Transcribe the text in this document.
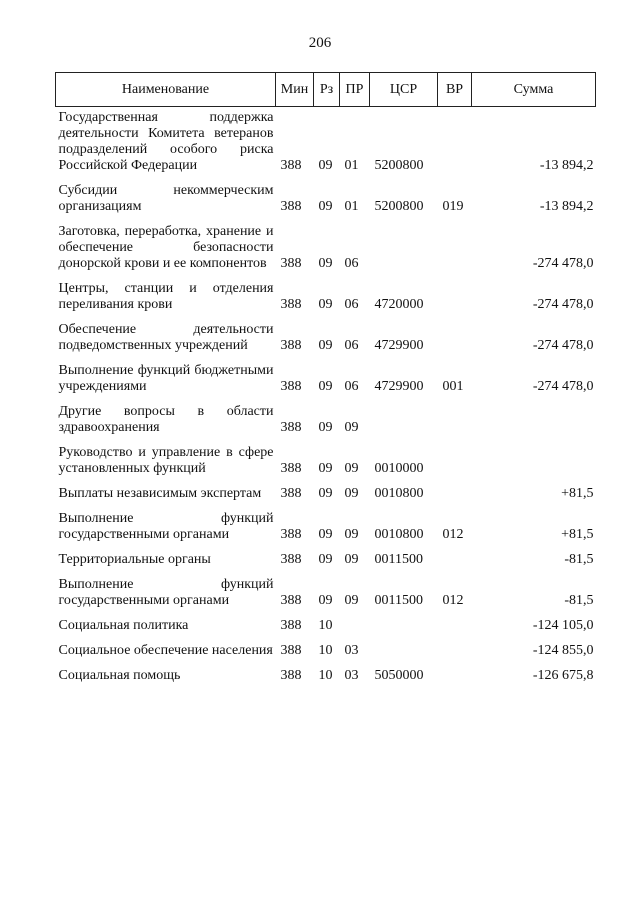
206
Наименование	Мин	Рз	ПР	ЦСР	ВР	Сумма
Государственная поддержка деятельности Комитета ветеранов подразделений особого риска Российской Федерации	388	09	01	5200800		-13 894,2
Субсидии некоммерческим организациям	388	09	01	5200800	019	-13 894,2
Заготовка, переработка, хранение и обеспечение безопасности донорской крови и ее компонентов	388	09	06			-274 478,0
Центры, станции и отделения переливания крови	388	09	06	4720000		-274 478,0
Обеспечение деятельности подведомственных учреждений	388	09	06	4729900		-274 478,0
Выполнение функций бюджетными учреждениями	388	09	06	4729900	001	-274 478,0
Другие вопросы в области здравоохранения	388	09	09			
Руководство и управление в сфере установленных функций	388	09	09	0010000		
Выплаты независимым экспертам	388	09	09	0010800		+81,5
Выполнение функций государственными органами	388	09	09	0010800	012	+81,5
Территориальные органы	388	09	09	0011500		-81,5
Выполнение функций государственными органами	388	09	09	0011500	012	-81,5
Социальная политика	388	10				-124 105,0
Социальное обеспечение населения	388	10	03			-124 855,0
Социальная помощь	388	10	03	5050000		-126 675,8
